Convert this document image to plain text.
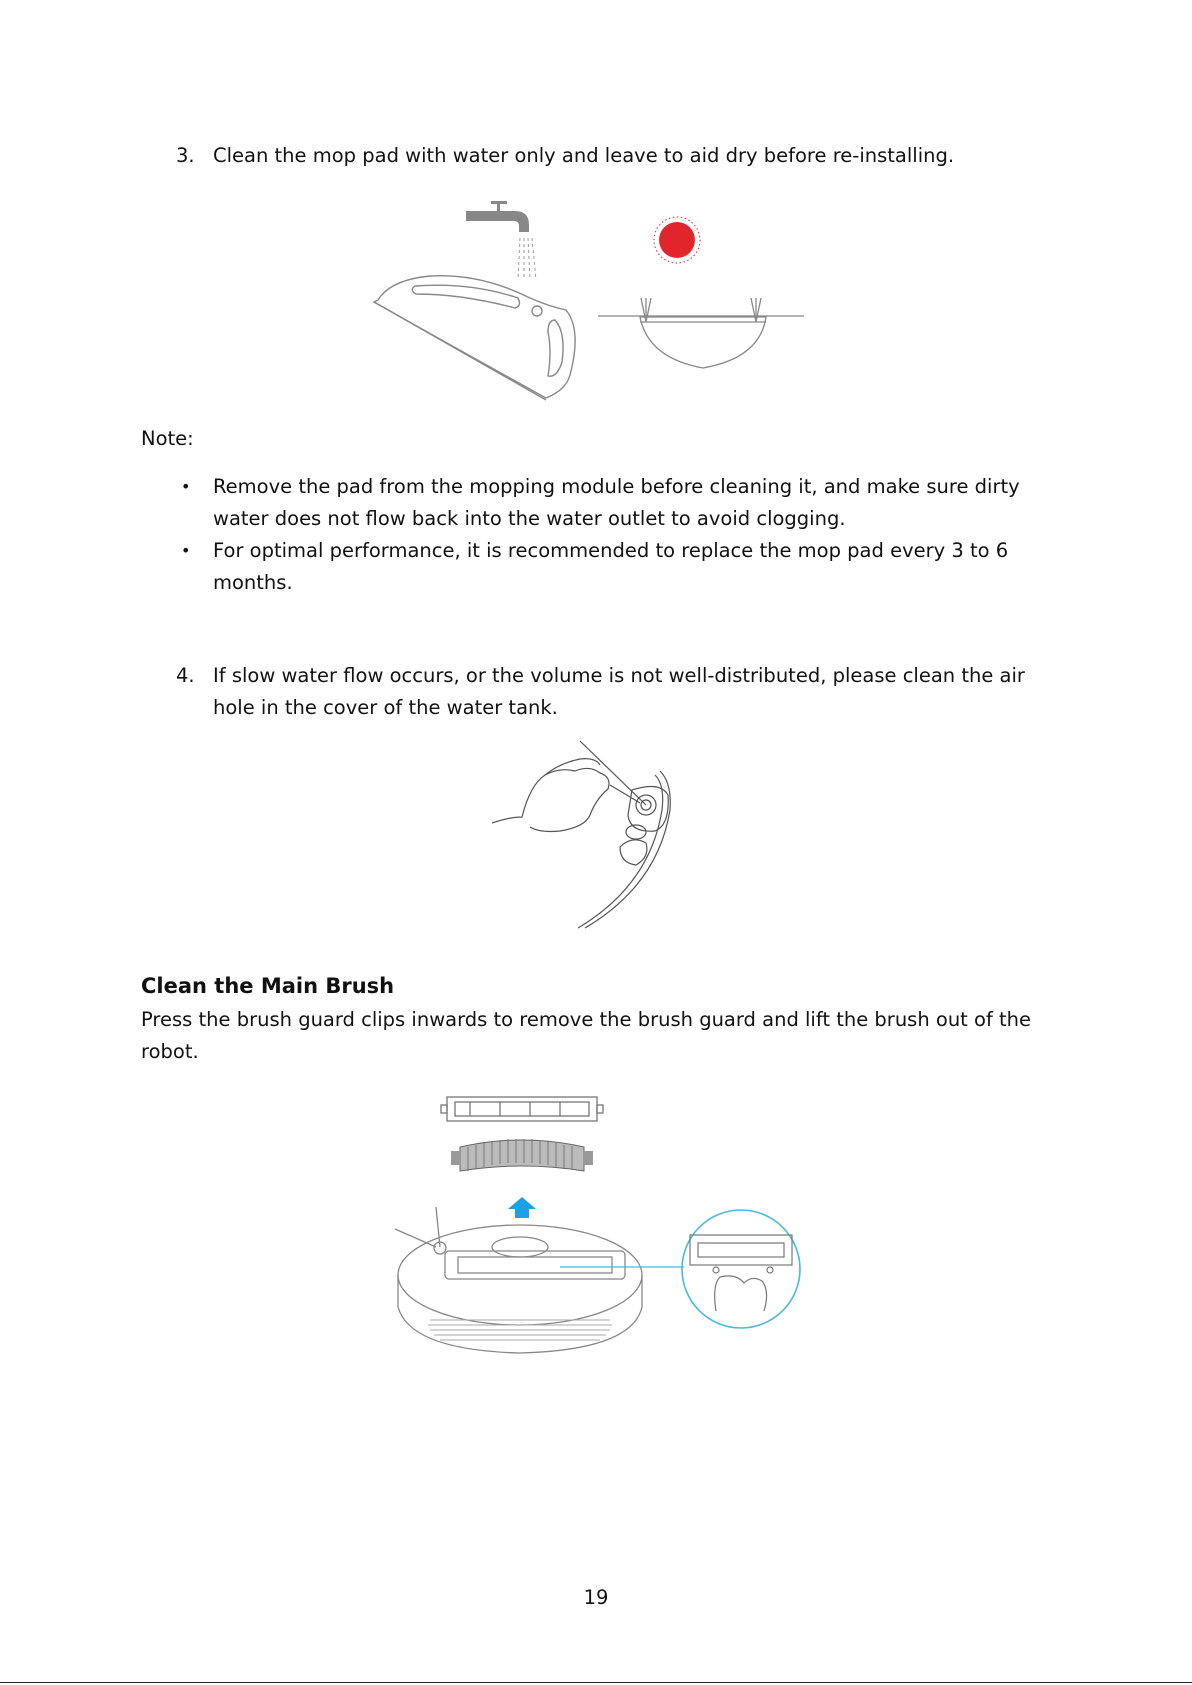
3. Clean the mop pad with water only and leave to aid dry before re-installing.
Note:
• Remove the pad from the mopping module before cleaning it, and make sure dirty
water does not flow back into the water outlet to avoid clogging.
• For optimal performance, it is recommended to replace the mop pad every 3 to 6
months.
4. If slow water flow occurs, or the volume is not well-distributed, please clean the air
hole in the cover of the water tank.
Clean the Main Brush
Press the brush guard clips inwards to remove the brush guard and lift the brush out of the
robot.
19
